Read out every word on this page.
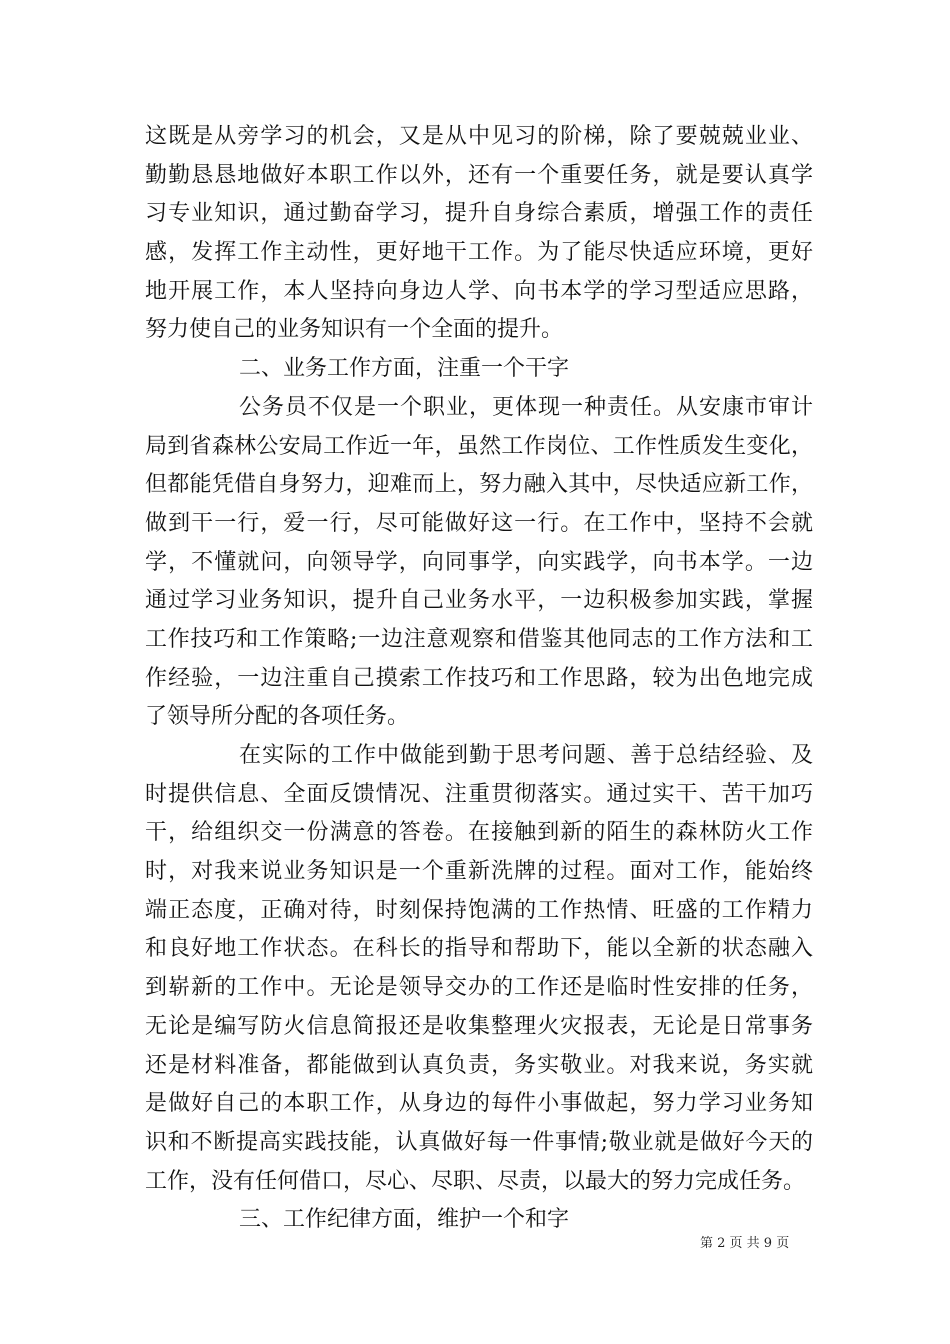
这既是从旁学习的机会，又是从中见习的阶梯，除了要兢兢业业、
勤勤恳恳地做好本职工作以外，还有一个重要任务，就是要认真学
习专业知识，通过勤奋学习，提升自身综合素质，增强工作的责任
感，发挥工作主动性，更好地干工作。为了能尽快适应环境，更好
地开展工作，本人坚持向身边人学、向书本学的学习型适应思路，
努力使自己的业务知识有一个全面的提升。
二、业务工作方面，注重一个干字
公务员不仅是一个职业，更体现一种责任。从安康市审计
局到省森林公安局工作近一年，虽然工作岗位、工作性质发生变化，
但都能凭借自身努力，迎难而上，努力融入其中，尽快适应新工作，
做到干一行，爱一行，尽可能做好这一行。在工作中，坚持不会就
学，不懂就问，向领导学，向同事学，向实践学，向书本学。一边
通过学习业务知识，提升自己业务水平，一边积极参加实践，掌握
工作技巧和工作策略;一边注意观察和借鉴其他同志的工作方法和工
作经验，一边注重自己摸索工作技巧和工作思路，较为出色地完成
了领导所分配的各项任务。
在实际的工作中做能到勤于思考问题、善于总结经验、及
时提供信息、全面反馈情况、注重贯彻落实。通过实干、苦干加巧
干，给组织交一份满意的答卷。在接触到新的陌生的森林防火工作
时，对我来说业务知识是一个重新洗牌的过程。面对工作，能始终
端正态度，正确对待，时刻保持饱满的工作热情、旺盛的工作精力
和良好地工作状态。在科长的指导和帮助下，能以全新的状态融入
到崭新的工作中。无论是领导交办的工作还是临时性安排的任务，
无论是编写防火信息简报还是收集整理火灾报表，无论是日常事务
还是材料准备，都能做到认真负责，务实敬业。对我来说，务实就
是做好自己的本职工作，从身边的每件小事做起，努力学习业务知
识和不断提高实践技能，认真做好每一件事情;敬业就是做好今天的
工作，没有任何借口，尽心、尽职、尽责，以最大的努力完成任务。
三、工作纪律方面，维护一个和字
第 2 页 共 9 页
